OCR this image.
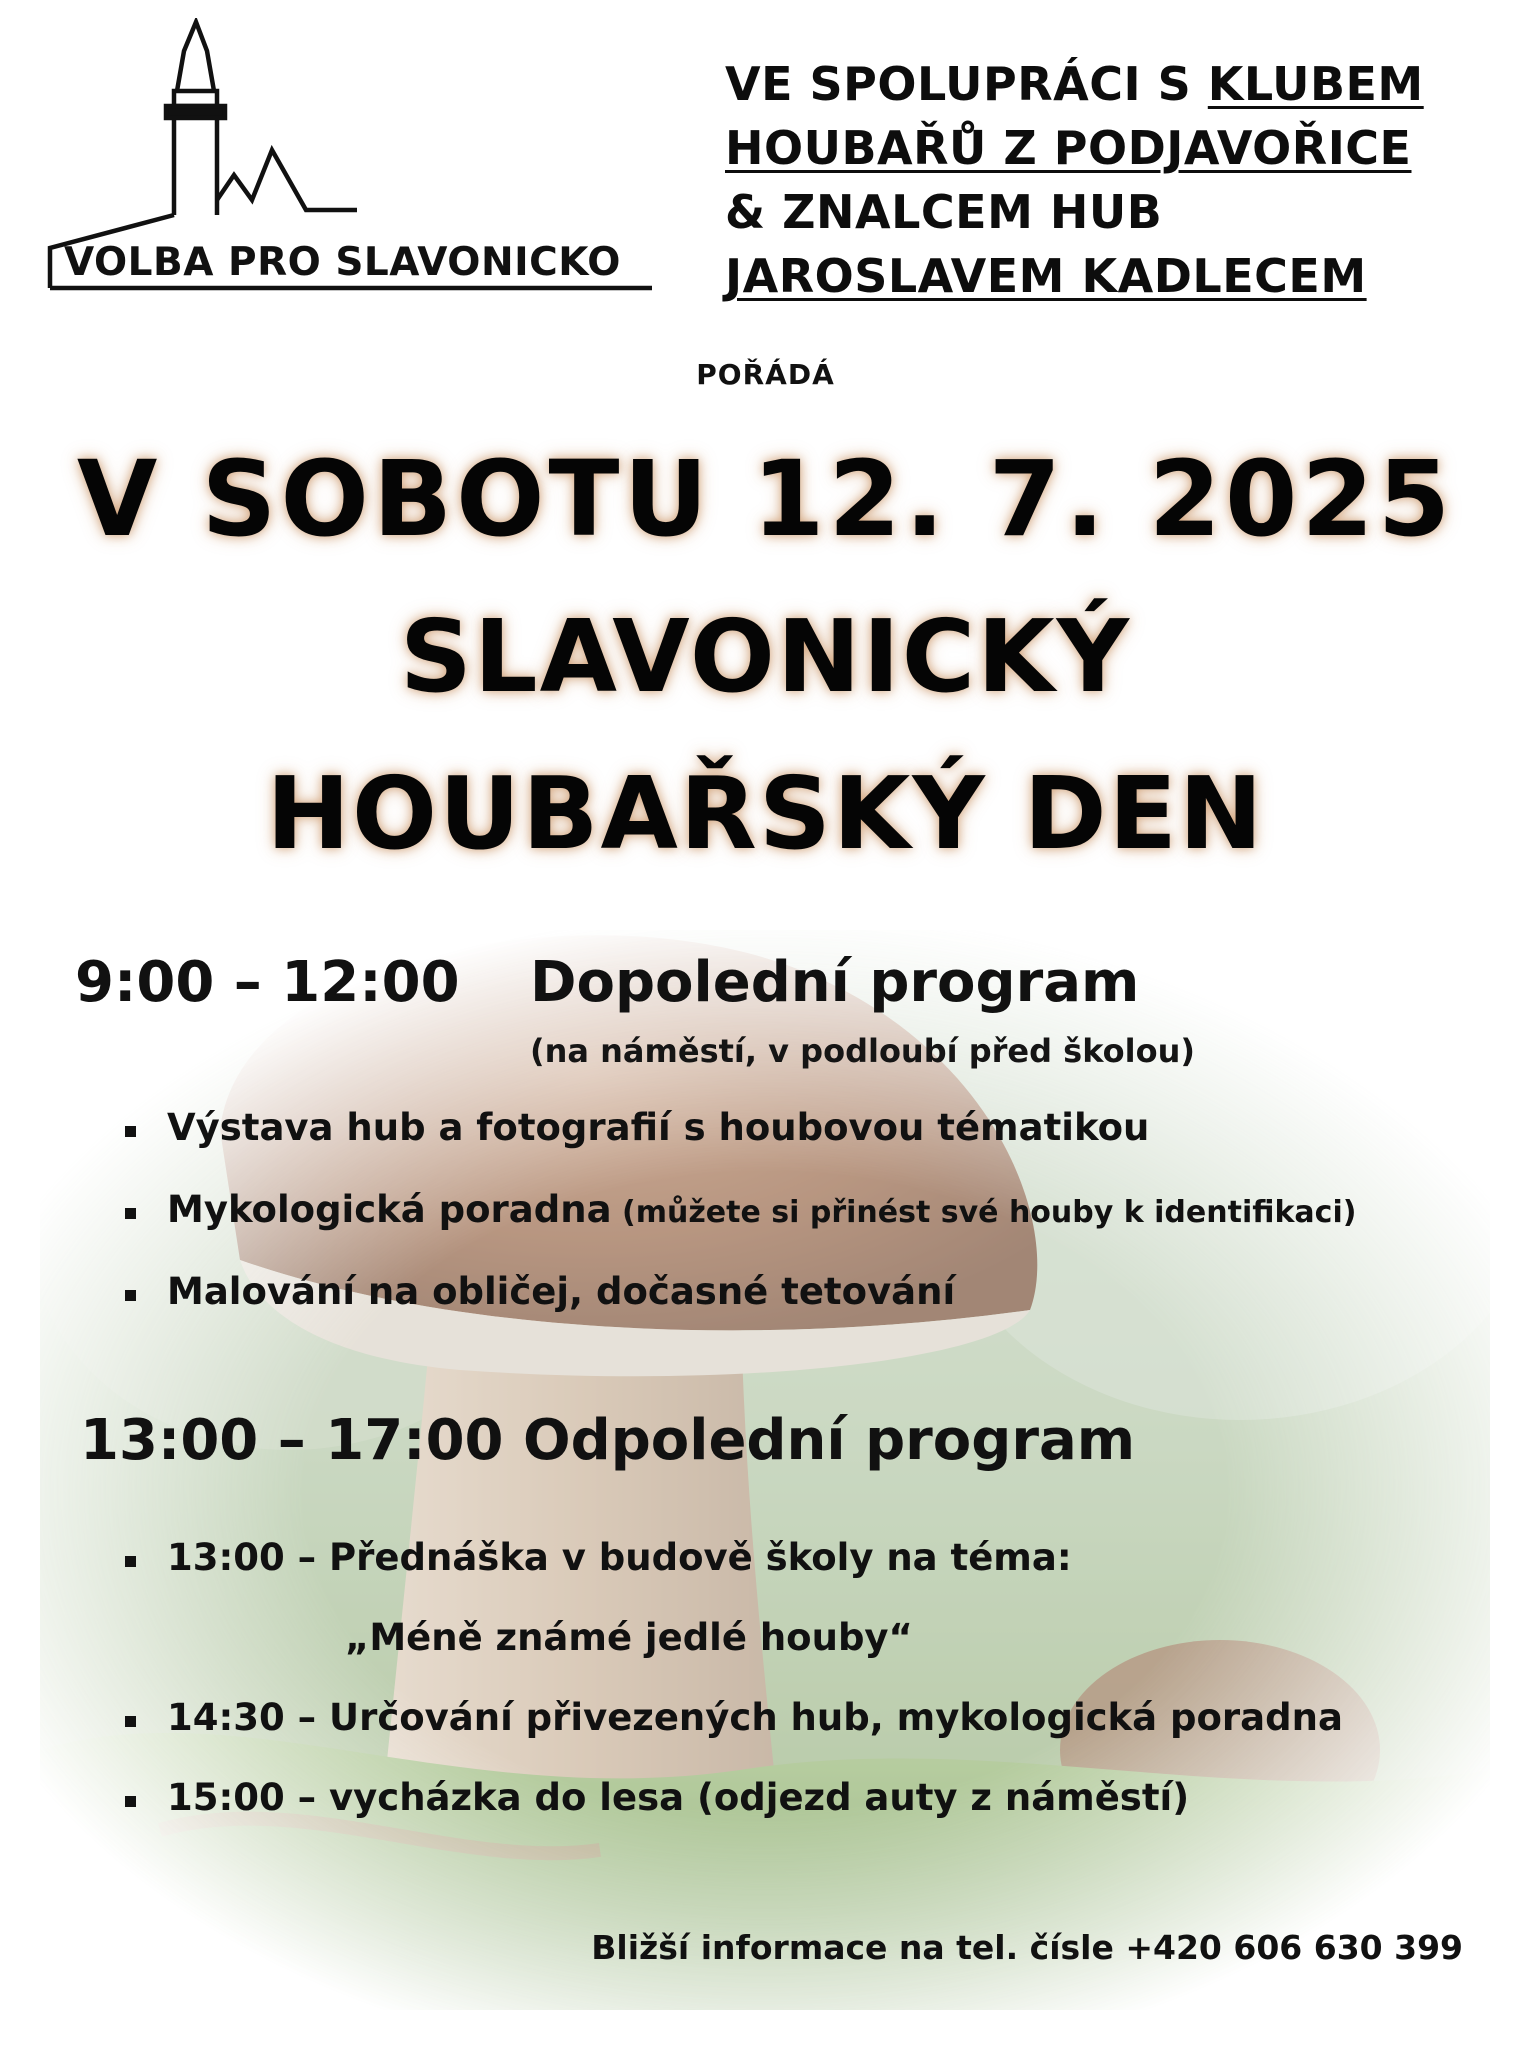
VOLBA PRO SLAVONICKO
VE SPOLUPRÁCI S KLUBEM
HOUBAŘŮ Z PODJAVOŘICE
& ZNALCEM HUB
JAROSLAVEM KADLECEM
POŘÁDÁ
V SOBOTU 12. 7. 2025
SLAVONICKÝ
HOUBAŘSKÝ DEN
9:00 – 12:00 Dopolední program
(na náměstí, v podloubí před školou)
Výstava hub a fotografií s houbovou tématikou
Mykologická poradna (můžete si přinést své houby k identifikaci)
Malování na obličej, dočasné tetování
13:00 – 17:00 Odpolední program
13:00 – Přednáška v budově školy na téma:
„Méně známé jedlé houby“
14:30 – Určování přivezených hub, mykologická poradna
15:00 – vycházka do lesa (odjezd auty z náměstí)
Bližší informace na tel. čísle +420 606 630 399
